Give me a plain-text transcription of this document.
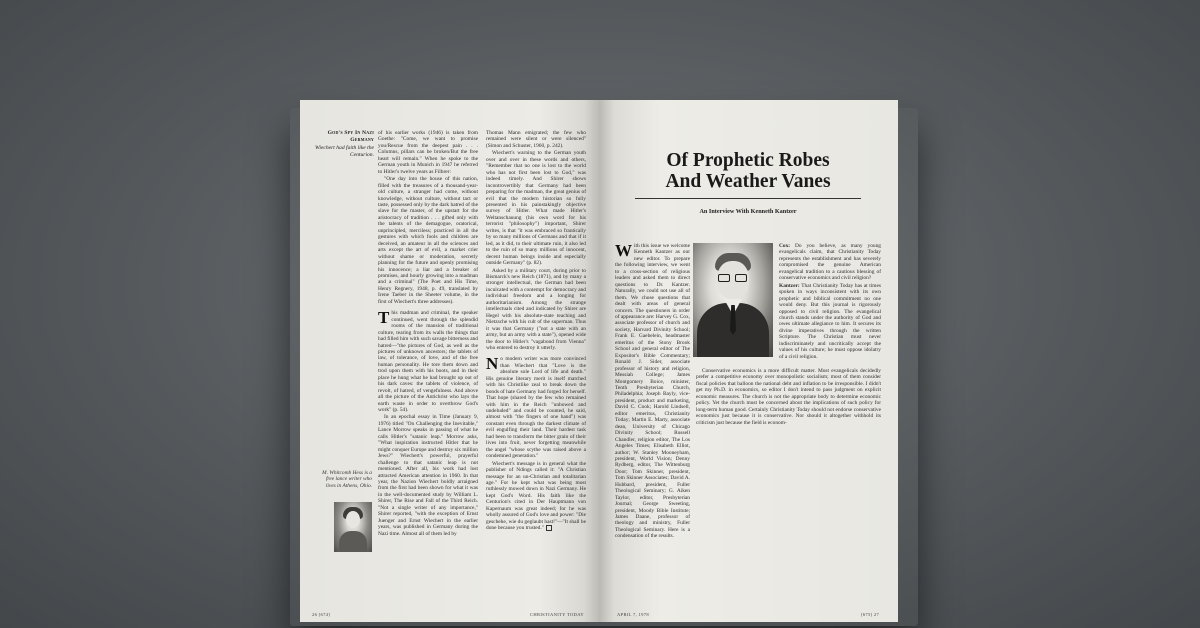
God's Spy In Nazi Germany
Wiechert had faith like the Centurion.

of his earlier works (1946) is taken from Goethe: "Come, we want to promise you/Rescue from the deepest pain . . . Columns, pillars can be broken/But the free heart will remain." When he spoke to the German youth in Munich in 1947 he referred to Hitler's twelve years as Filbrer:

"One day into the house of this nation, filled with the treasures of a thousand-year-old culture, a stranger had come, without knowledge, without culture, without tact or taste, possessed only by the dark hatred of the slave for the master, of the upstart for the aristocracy of tradition . . . gifted only with the talents of the demagogue, oratorical, unprincipled, merciless; practiced in all the gestures with which fools and children are deceived, an amateur in all the sciences and arts except the art of evil, a market crier without shame or moderation, secretly planning for the future and openly promising his innocence; a liar and a breaker of promises, and hourly growing into a madman and a criminal" (The Poet and His Time, Henry Regnery, 1948, p. 49, translated by Irene Taeber in the Sheeter volume, in the first of Wiechert's three addresses).

This madman and criminal, the speaker continued, went through the splendid rooms of the mansion of traditional culture, tearing from its walls the things that had filled him with such savage bitterness and hatred—"the pictures of God, as well as the pictures of unknown ancestors; the tablets of law, of tolerance, of love, and of the free human personality. He tore them down and trod upon them with his boots, and in their place he hung what he had brought up out of his dark caves: the tablets of violence, of revolt, of hatred, of vengefulness. And above all the picture of the Antichrist who lays the earth waste in order to overthrow God's work" (p. 54).

In an epochal essay in Time (January 9, 1976) titled "On Challenging the Inevitable," Lance Morrow speaks in passing of what he calls Hitler's "satanic leap." Morrow asks, "What inspiration instructed Hitler that he might conquer Europe and destroy six million Jews?" Wiechert's powerful, prayerful challenge to that satanic leap is not mentioned. After all, his work had lost attracted American attention in 1960. In that year, the Nazion Wiechert boldly arraigned from the first had been shown for what it was in the well-documented study by William L. Shirer, The Rise and Fall of the Third Reich. "Not a single writer of any importance," Shirer reported, "with the exception of Ernst Juenger and Ernst Wiechert in the earlier years, was published in Germany during the Nazi time. Almost all of them led by

Thomas Mann emigrated; the few who remained were silent or were silenced" (Simon and Schuster, 1960, p. 242).

Wiechert's warning to the German youth over and over in these words and others, "Remember that no one is lost to the world who has not first been lost to God," was indeed timely. And Shirer shows incontrovertibly that Germany had been preparing for the madman, the great genius of evil that the modern historian so fully presented in his painstakingly objective survey of Hitler. What made Hitler's Weltanschauung (his own word for his terrorist "philosophy") important, Shirer writes, is that "it was embraced so frantically by so many millions of Germans and that if it led, as it did, to their ultimate ruin, it also led to the ruin of so many millions of innocent, decent human beings inside and especially outside Germany" (p. 82).

Asked by a military court, during prior to Bismarck's new Reich (1871), and by many a stronger intellectual, the German had been inculcated with a contempt for democracy and individual freedom and a longing for authoritarianism. Among the strange intellectuals cited and indicated by Shirer are Hegel with his absolute-state teaching and Nietzsche with his cult of the superman. Thus it was that Germany ("not a state with an army, but an army with a state"), opened wide the door to Hitler's "vagabond from Vienna" who entered to destroy it utterly.

No modern writer was more convinced than Wiechert that "Love is the absolute sole Lord of life and death." His genuine literary merit is itself matched with his Christlike zeal to break down the bonds of hate Germany had forged for herself. That hope (shared by the few who remained with him in the Reich "unbowed and undeluded" and could be counted, he said, almost with "the fingers of one hand") was constant even through the darkest climate of evil engulfing their land. Their hardest task had been to transform the bitter grain of their lives into fruit, never forgetting meanwhile the angel "whose scythe was raised above a condemned generation."

Wiechert's message is in general what the publisher of Ndings called it: "A Christian message for an un-Christian and totalitarian age." For he kept what was being most ruthlessly mowed down in Nazi Germany. He kept God's Word. His faith like the Centurion's cited in Der Hauptmann von Kapernaum was great indeed; for he was wholly assured of God's love and power: "Die geschehe, wie du geglaubt hast!"—"It shall be done because you trusted."

M. Whitcomb Hess is a free lance writer who lives in Athens, Ohio.
26 [674]	CHRISTIANITY TODAY
Of Prophetic Robes
And Weather Vanes
An Interview With Kenneth Kantzer

With this issue we welcome Kenneth Kantzer as our new editor. To prepare the following interview, we went to a cross-section of religious leaders and asked them to direct questions to Dr. Kantzer. Naturally, we could not use all of them. We chose questions that dealt with areas of general concern. The questioners in order of appearance are: Harvey G. Cox, associate professor of church and society, Harvard Divinity School; Frank E. Gaebelein, headmaster emeritus of the Stony Brook School and general editor of The Expositor's Bible Commentary; Ronald J. Sider, associate professor of history and religion, Messiah College; James Montgomery Boice, minister, Tenth Presbyterian Church, Philadelphia; Joseph Bayly, vice-president, product and marketing, David C. Cook; Harold Lindsell, editor emeritus, Christianity Today; Martin E. Marty, associate dean, University of Chicago Divinity School; Russell Chandler, religion editor, The Los Angeles Times; Elisabeth Elliot, author; W. Stanley Mooneyham, president, World Vision; Denny Rydberg, editor, The Wittenburg Door; Tom Skinner, president, Tom Skinner Associates; David A. Hubbard, president, Fuller Theological Seminary; G. Aiken Taylor, editor, Presbyterian Journal; George Sweeting, president, Moody Bible Institute; James Daane, professor of theology and ministry, Fuller Theological Seminary. Here is a condensation of the results.

Cox: Do you believe, as many young evangelicals claim, that Christianity Today represents the establishment and has severely compromised the genuine American evangelical tradition to a cautious blessing of conservative economics and civil religion?

Kantzer: That Christianity Today has at times spoken in ways inconsistent with its own prophetic and biblical commitment no one would deny. But this journal is rigorously opposed to civil religion. The evangelical church stands under the authority of God and owes ultimate allegiance to him. It secures its divine imperatives through the written Scripture. The Christian must never indiscriminately and uncritically accept the values of his culture; he must oppose idolatry of a civil religion.

Conservative economics is a more difficult matter. Most evangelicals decidedly prefer a competitive economy over monopolistic socialism; most of them consider fiscal policies that balloon the national debt and inflation to be irresponsible. I didn't get my Ph.D. in economics, so editor I don't intend to pass judgment on explicit economic measures. The church is not the appropriate body to determine economic policy. Yet the church must be concerned about the implications of such policy for long-term human good. Certainly Christianity Today should not endorse conservative economics just because it is conservative. Nor should it altogether withhold its criticism just because the field is econom-

APRIL 7, 1978	[675] 27
